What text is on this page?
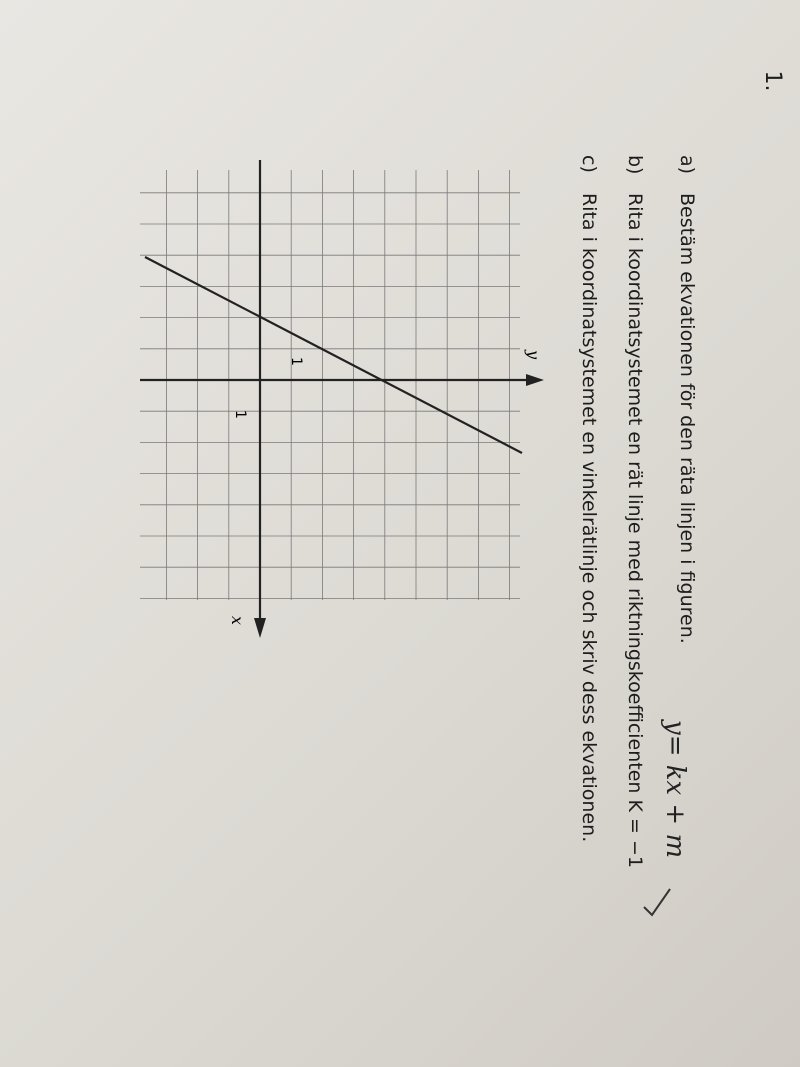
1.
a)Bestäm ekvationen för den räta linjen i figuren.
b)Rita i koordinatsystemet en rät linje med riktningskoefficienten K = −1
c)Rita i koordinatsystemet en vinkelrätlinje och skriv dess ekvationen. y= kx + m
y
x
1
1
